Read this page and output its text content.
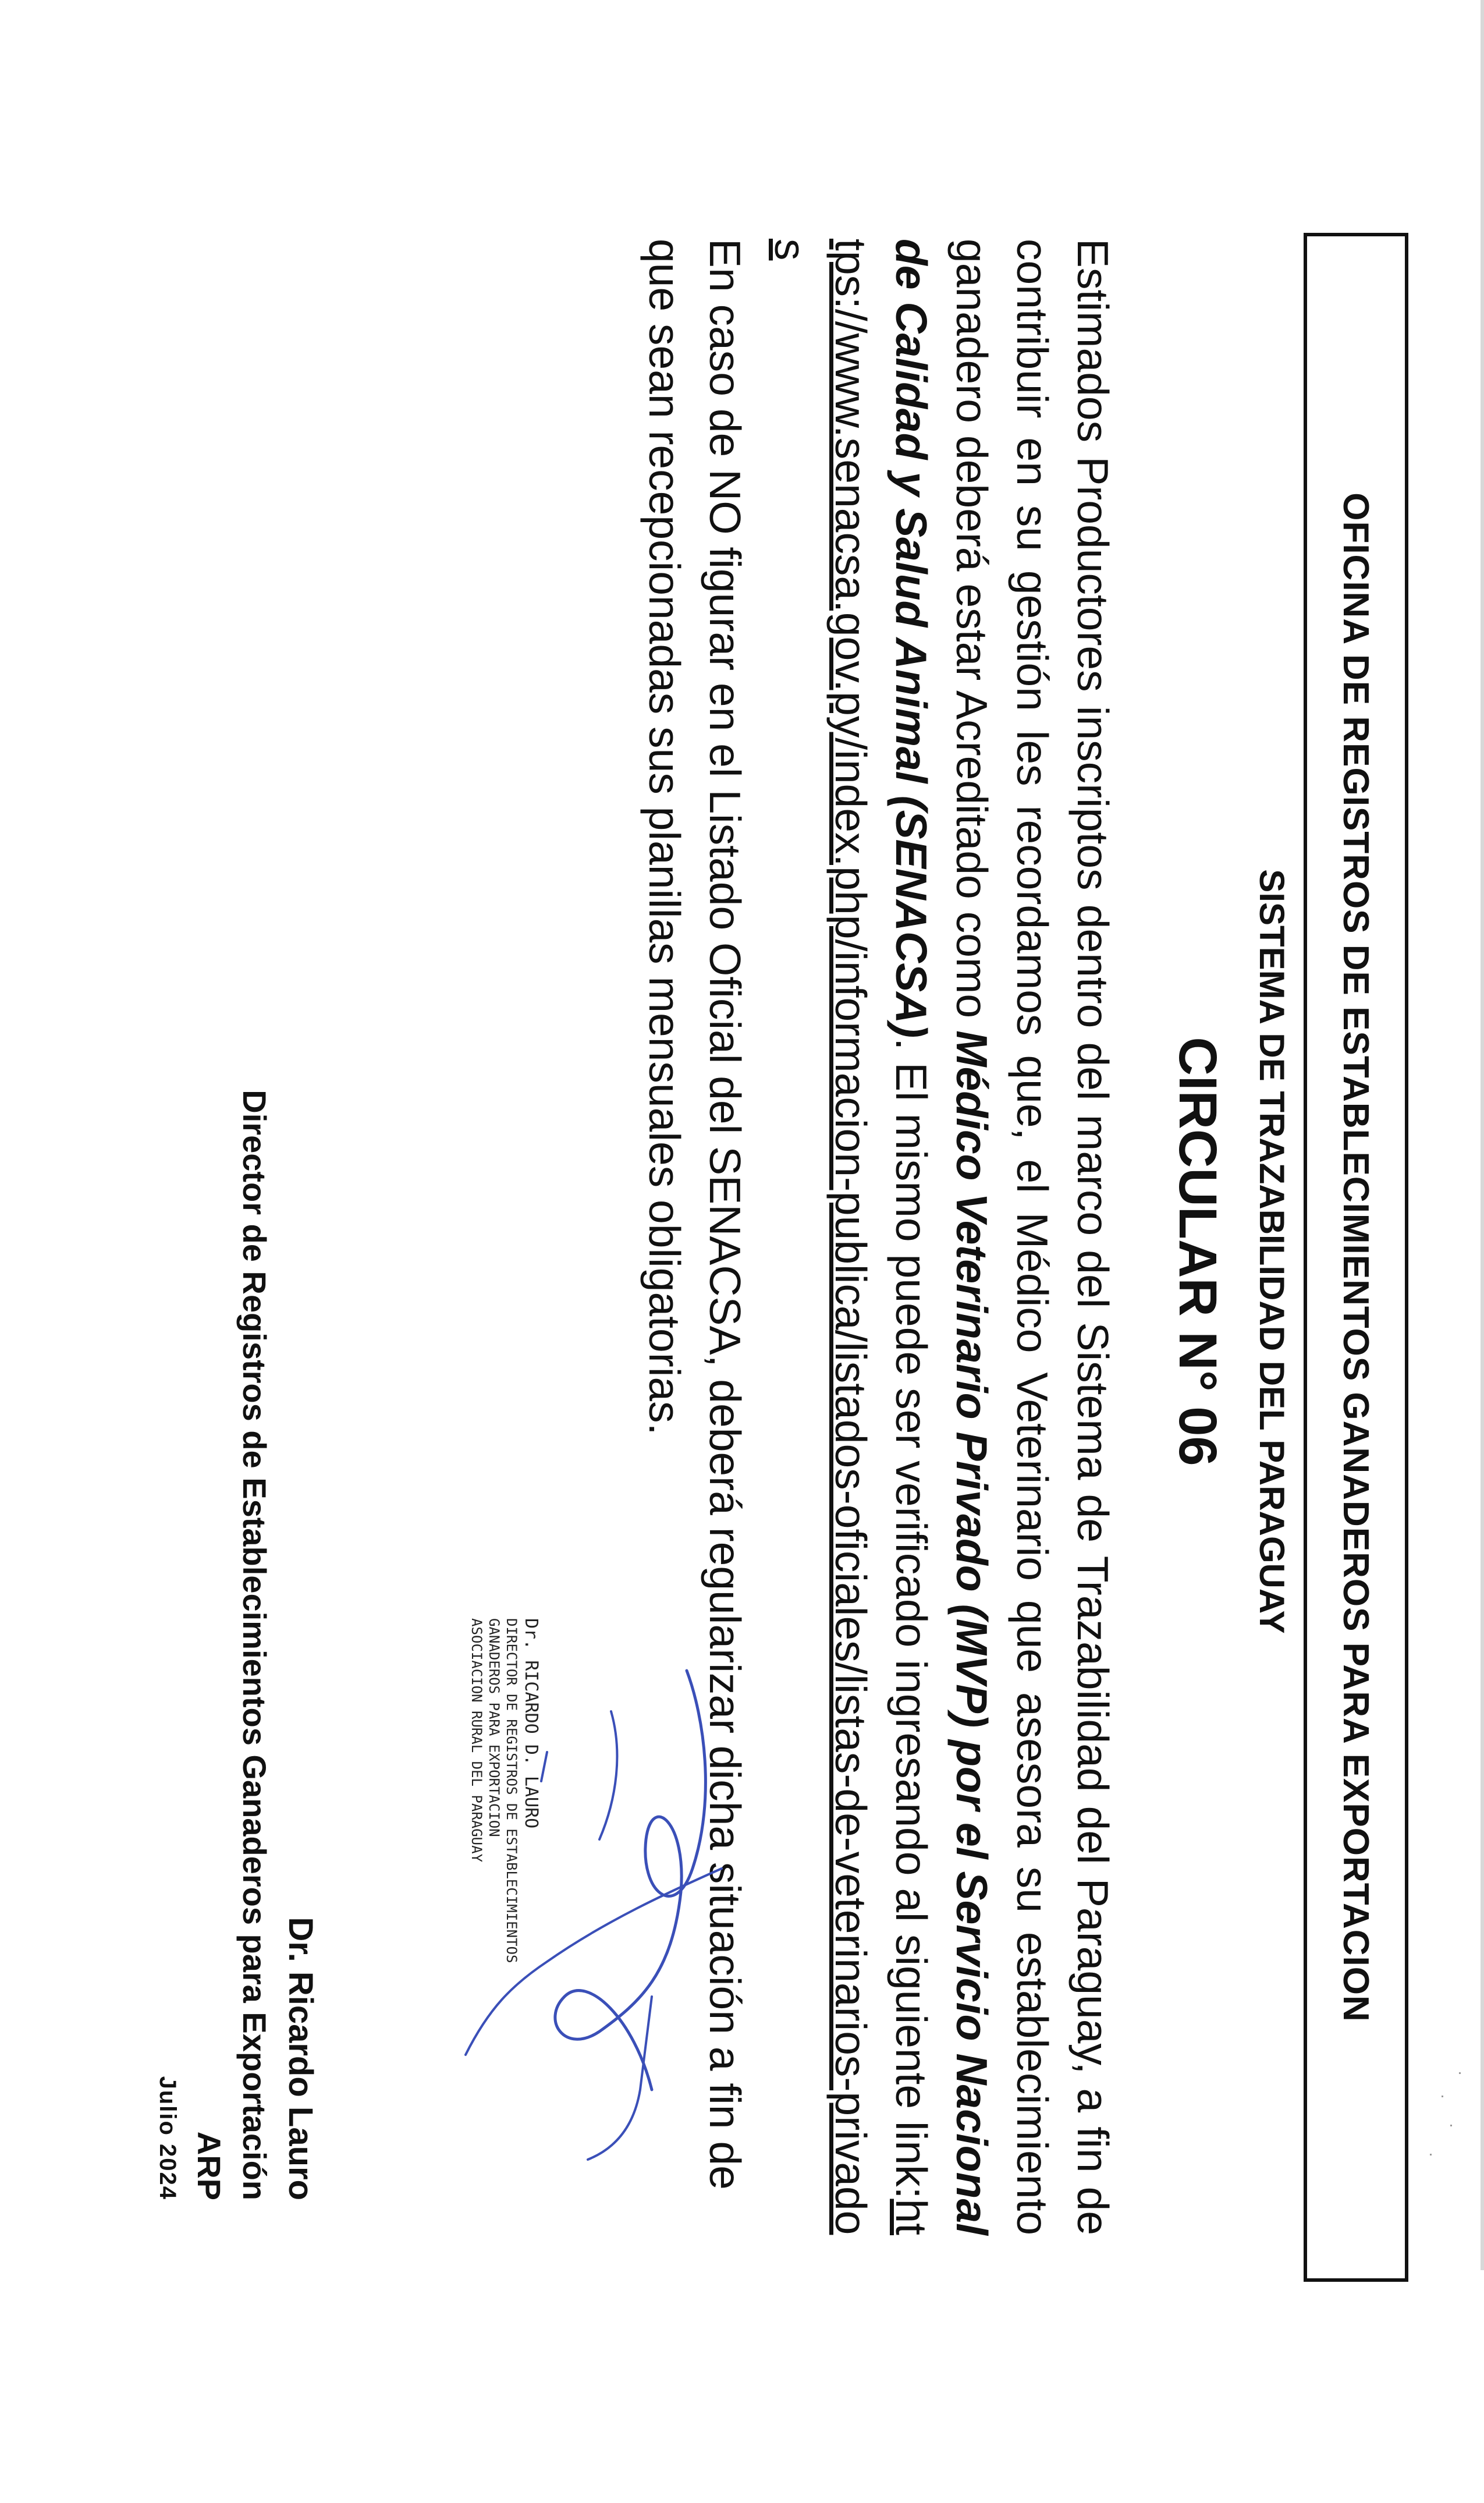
OFICINA DE REGISTROS DE ESTABLECIMIENTOS GANADEROS PARA EXPORTACION
SISTEMA DE TRAZABILIDAD DEL PARAGUAY
CIRCULAR N° 06

Estimados Productores inscriptos dentro del marco del Sistema de Trazabilidad del Paraguay, a fin de contribuir en su gestión les recordamos que, el Médico Veterinario que asesora su establecimiento ganadero deberá estar Acreditado como Médico Veterinario Privado (MVP) por el Servicio Nacional de Calidad y Salud Animal (SENACSA). El mismo puede ser verificado ingresando al siguiente link:https://www.senacsa.gov.py/index.php/informacion-publica/listados-oficiales/listas-de-veterinarios-privados

En caso de NO figurar en el Listado Oficial del SENACSA, deberá regularizar dicha situación a fin de que sean recepcionadas sus planillas mensuales obligatorias.

Dr. RICARDO D. LAURO
DIRECTOR DE REGISTROS DE ESTABLECIMIENTOS
GANADEROS PARA EXPORTACION
ASOCIACION RURAL DEL PARAGUAY
Dr. Ricardo Lauro
Director de Registros de Establecimientos Ganaderos para Exportación
ARP
Julio 2024
